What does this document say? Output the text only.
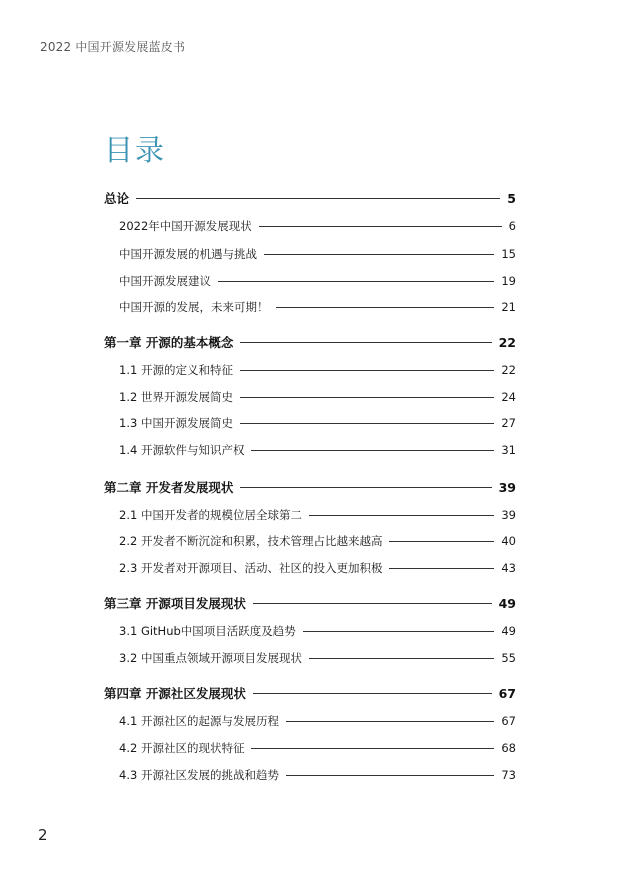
2022 中国开源发展蓝皮书
目录
总论	5
2022年中国开源发展现状	6
中国开源发展的机遇与挑战	15
中国开源发展建议	19
中国开源的发展，未来可期！	21
第一章 开源的基本概念	22
1.1 开源的定义和特征	22
1.2 世界开源发展简史	24
1.3 中国开源发展简史	27
1.4 开源软件与知识产权	31
第二章 开发者发展现状	39
2.1 中国开发者的规模位居全球第二	39
2.2 开发者不断沉淀和积累，技术管理占比越来越高	40
2.3 开发者对开源项目、活动、社区的投入更加积极	43
第三章 开源项目发展现状	49
3.1 GitHub中国项目活跃度及趋势	49
3.2 中国重点领域开源项目发展现状	55
第四章 开源社区发展现状	67
4.1 开源社区的起源与发展历程	67
4.2 开源社区的现状特征	68
4.3 开源社区发展的挑战和趋势	73
2
